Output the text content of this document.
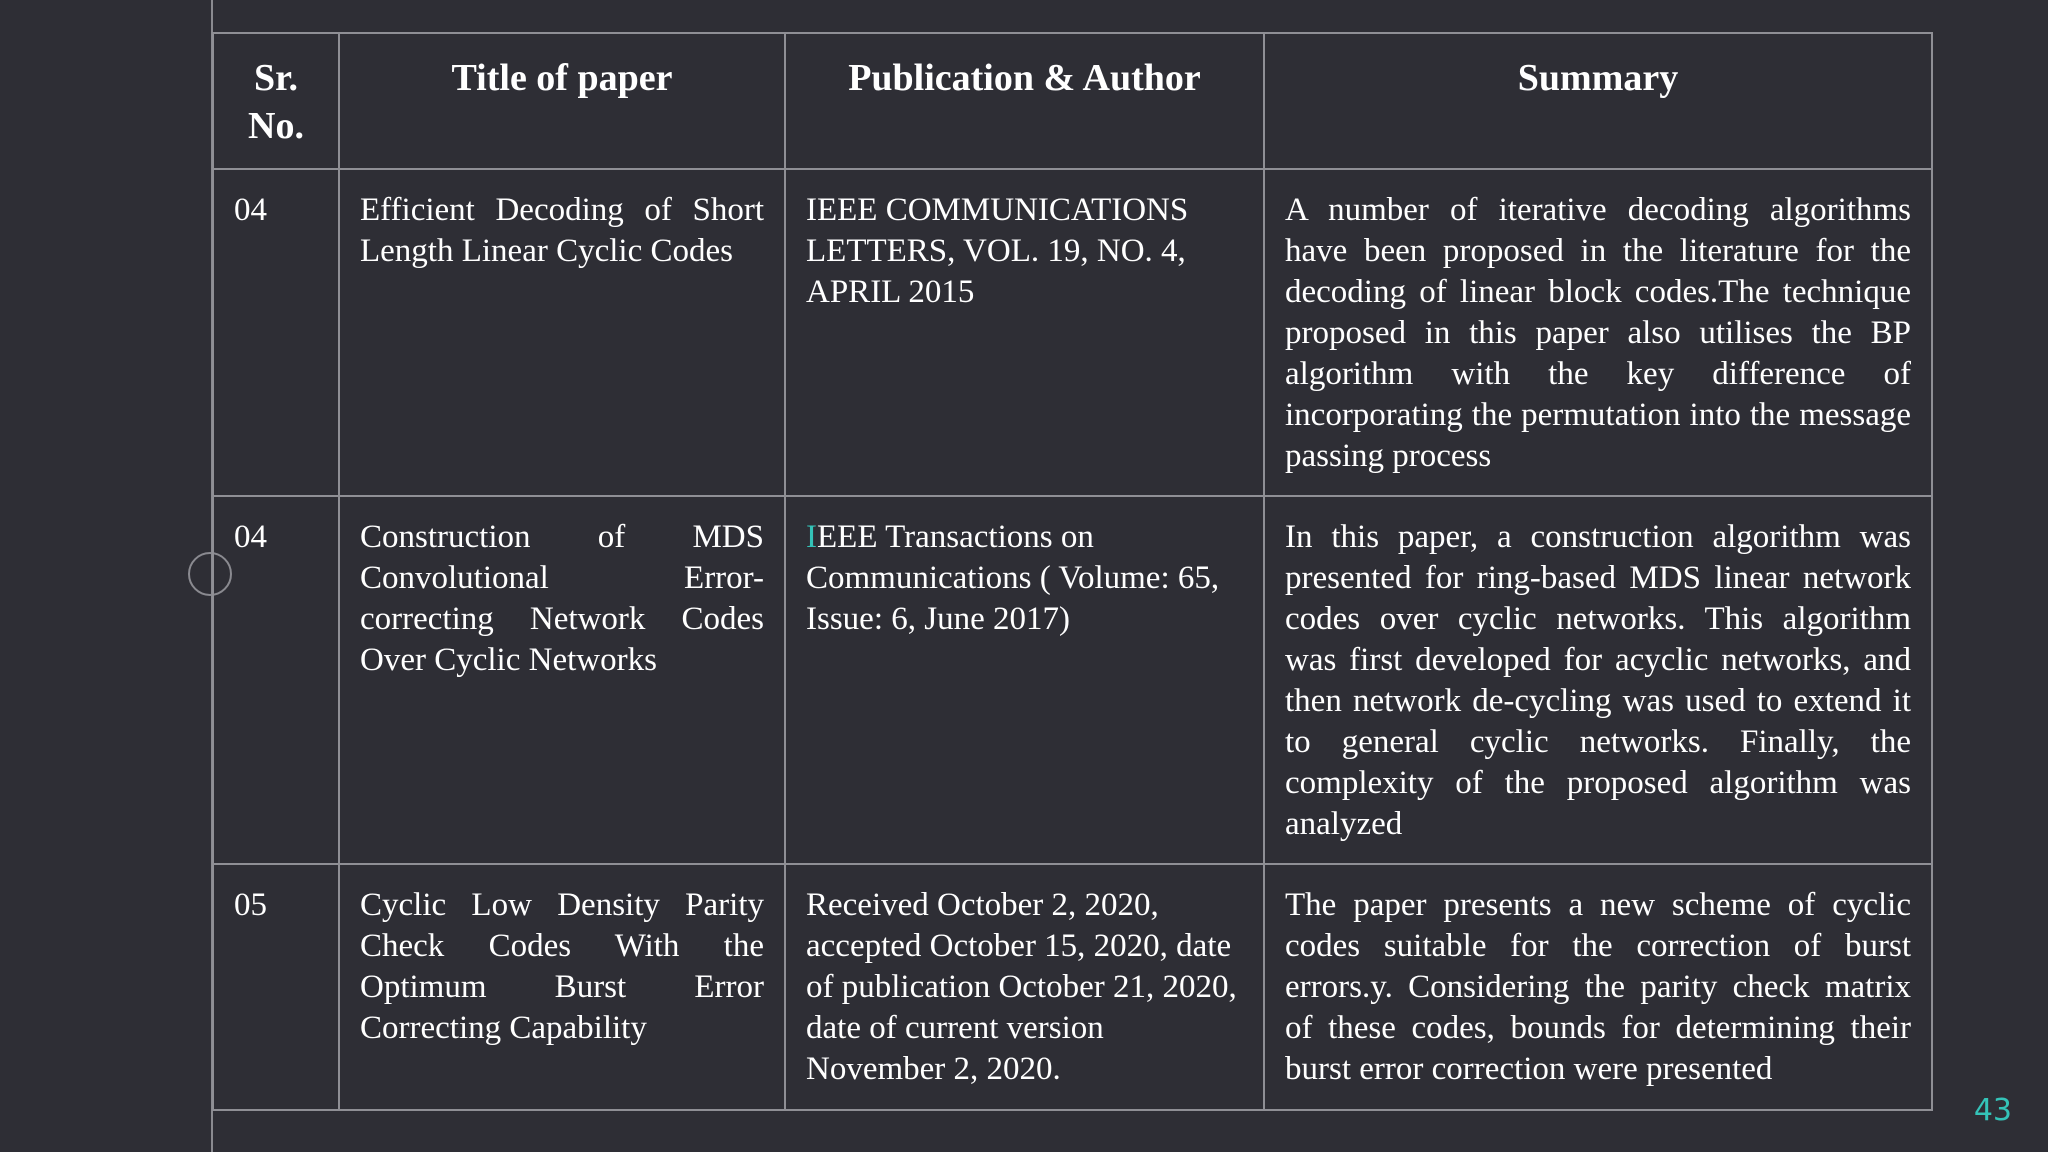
Sr. No.	Title of paper	Publication & Author	Summary
04	Efficient Decoding of Short Length Linear Cyclic Codes	IEEE COMMUNICATIONS LETTERS, VOL. 19, NO. 4, APRIL 2015	A number of iterative decoding algorithms have been proposed in the literature for the decoding of linear block codes.The technique proposed in this paper also utilises the BP algorithm with the key difference of incorporating the permutation into the message passing process
04	Construction of MDS Convolutional Error-correcting Network Codes Over Cyclic Networks	IEEE Transactions on Communications ( Volume: 65, Issue: 6, June 2017)	In this paper, a construction algorithm was presented for ring-based MDS linear network codes over cyclic networks. This algorithm was first developed for acyclic networks, and then network de-cycling was used to extend it to general cyclic networks. Finally, the complexity of the proposed algorithm was analyzed
05	Cyclic Low Density Parity Check Codes With the Optimum Burst Error Correcting Capability	Received October 2, 2020, accepted October 15, 2020, date of publication October 21, 2020, date of current version November 2, 2020.	The paper presents a new scheme of cyclic codes suitable for the correction of burst errors.y. Considering the parity check matrix of these codes, bounds for determining their burst error correction were presented
43
